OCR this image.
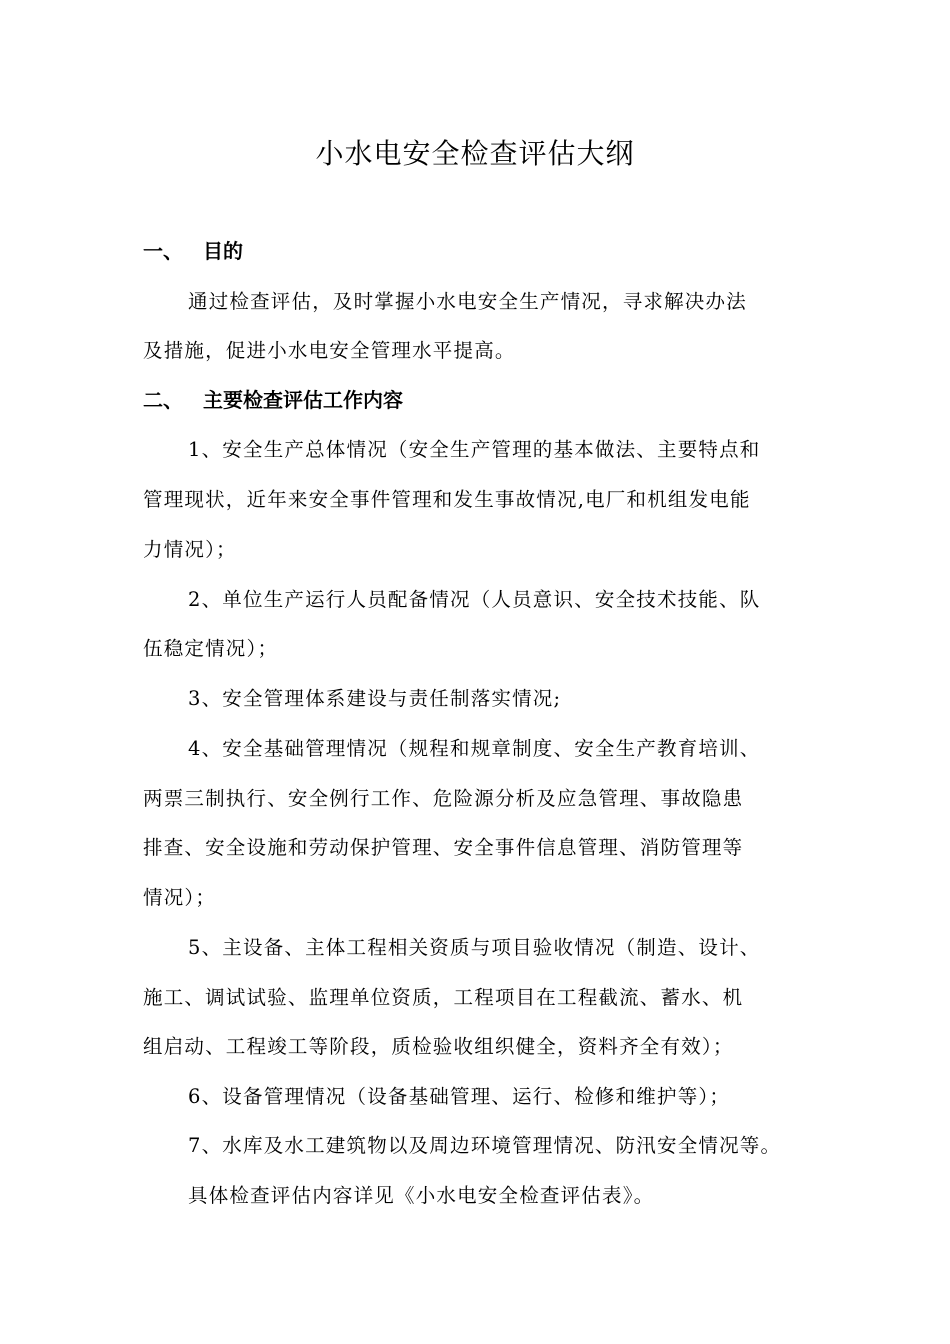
小水电安全检查评估大纲
一、 目的
通过检查评估，及时掌握小水电安全生产情况，寻求解决办法
及措施，促进小水电安全管理水平提高。
二、 主要检查评估工作内容
1、安全生产总体情况（安全生产管理的基本做法、主要特点和
管理现状，近年来安全事件管理和发生事故情况,电厂和机组发电能
力情况）；
2、单位生产运行人员配备情况（人员意识、安全技术技能、队
伍稳定情况）；
3、安全管理体系建设与责任制落实情况;
4、安全基础管理情况（规程和规章制度、安全生产教育培训、
两票三制执行、安全例行工作、危险源分析及应急管理、事故隐患
排查、安全设施和劳动保护管理、安全事件信息管理、消防管理等
情况）；
5、主设备、主体工程相关资质与项目验收情况（制造、设计、
施工、调试试验、监理单位资质，工程项目在工程截流、蓄水、机
组启动、工程竣工等阶段，质检验收组织健全，资料齐全有效）；
6、设备管理情况（设备基础管理、运行、检修和维护等）；
7、水库及水工建筑物以及周边环境管理情况、防汛安全情况等。
具体检查评估内容详见《小水电安全检查评估表》。
